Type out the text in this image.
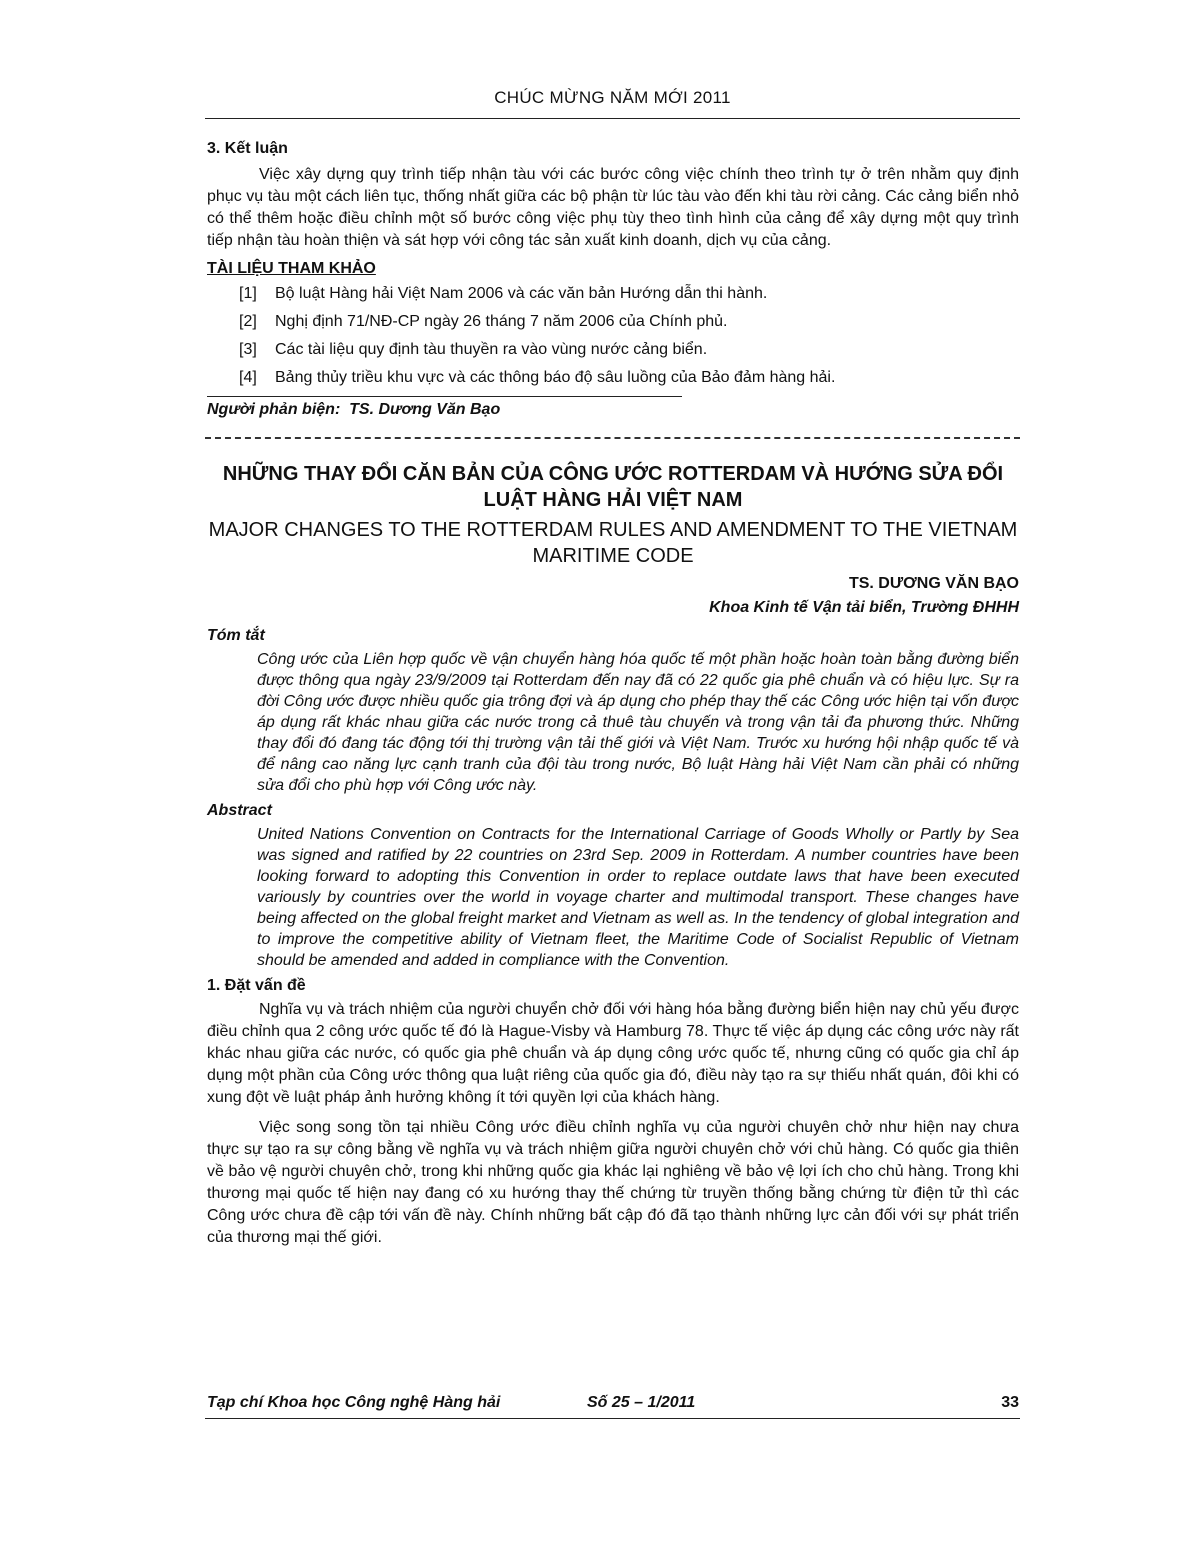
CHÚC MỪNG NĂM MỚI 2011
3. Kết luận

Việc xây dựng quy trình tiếp nhận tàu với các bước công việc chính theo trình tự ở trên nhằm quy định phục vụ tàu một cách liên tục, thống nhất giữa các bộ phận từ lúc tàu vào đến khi tàu rời cảng. Các cảng biển nhỏ có thể thêm hoặc điều chỉnh một số bước công việc phụ tùy theo tình hình của cảng để xây dựng một quy trình tiếp nhận tàu hoàn thiện và sát hợp với công tác sản xuất kinh doanh, dịch vụ của cảng.

TÀI LIỆU THAM KHẢO
[1] Bộ luật Hàng hải Việt Nam 2006 và các văn bản Hướng dẫn thi hành.
[2] Nghị định 71/NĐ-CP ngày 26 tháng 7 năm 2006 của Chính phủ.
[3] Các tài liệu quy định tàu thuyền ra vào vùng nước cảng biển.
[4] Bảng thủy triều khu vực và các thông báo độ sâu luồng của Bảo đảm hàng hải.
Người phản biện: TS. Dương Văn Bạo
NHỮNG THAY ĐỔI CĂN BẢN CỦA CÔNG ƯỚC ROTTERDAM VÀ HƯỚNG SỬA ĐỔI LUẬT HÀNG HẢI VIỆT NAM
MAJOR CHANGES TO THE ROTTERDAM RULES AND AMENDMENT TO THE VIETNAM MARITIME CODE
TS. DƯƠNG VĂN BẠO
Khoa Kinh tế Vận tải biển, Trường ĐHHH
Tóm tắt

Công ước của Liên hợp quốc về vận chuyển hàng hóa quốc tế một phần hoặc hoàn toàn bằng đường biển được thông qua ngày 23/9/2009 tại Rotterdam đến nay đã có 22 quốc gia phê chuẩn và có hiệu lực. Sự ra đời Công ước được nhiều quốc gia trông đợi và áp dụng cho phép thay thế các Công ước hiện tại vốn được áp dụng rất khác nhau giữa các nước trong cả thuê tàu chuyến và trong vận tải đa phương thức. Những thay đổi đó đang tác động tới thị trường vận tải thế giới và Việt Nam. Trước xu hướng hội nhập quốc tế và để nâng cao năng lực cạnh tranh của đội tàu trong nước, Bộ luật Hàng hải Việt Nam cần phải có những sửa đổi cho phù hợp với Công ước này.

Abstract

United Nations Convention on Contracts for the International Carriage of Goods Wholly or Partly by Sea was signed and ratified by 22 countries on 23rd Sep. 2009 in Rotterdam. A number countries have been looking forward to adopting this Convention in order to replace outdate laws that have been executed variously by countries over the world in voyage charter and multimodal transport. These changes have being affected on the global freight market and Vietnam as well as. In the tendency of global integration and to improve the competitive ability of Vietnam fleet, the Maritime Code of Socialist Republic of Vietnam should be amended and added in compliance with the Convention.

1. Đặt vấn đề

Nghĩa vụ và trách nhiệm của người chuyển chở đối với hàng hóa bằng đường biển hiện nay chủ yếu được điều chỉnh qua 2 công ước quốc tế đó là Hague-Visby và Hamburg 78. Thực tế việc áp dụng các công ước này rất khác nhau giữa các nước, có quốc gia phê chuẩn và áp dụng công ước quốc tế, nhưng cũng có quốc gia chỉ áp dụng một phần của Công ước thông qua luật riêng của quốc gia đó, điều này tạo ra sự thiếu nhất quán, đôi khi có xung đột về luật pháp ảnh hưởng không ít tới quyền lợi của khách hàng.

Việc song song tồn tại nhiều Công ước điều chỉnh nghĩa vụ của người chuyên chở như hiện nay chưa thực sự tạo ra sự công bằng về nghĩa vụ và trách nhiệm giữa người chuyên chở với chủ hàng. Có quốc gia thiên về bảo vệ người chuyên chở, trong khi những quốc gia khác lại nghiêng về bảo vệ lợi ích cho chủ hàng. Trong khi thương mại quốc tế hiện nay đang có xu hướng thay thế chứng từ truyền thống bằng chứng từ điện tử thì các Công ước chưa đề cập tới vấn đề này. Chính những bất cập đó đã tạo thành những lực cản đối với sự phát triển của thương mại thế giới.

Tạp chí Khoa học Công nghệ Hàng hải	Số 25 – 1/2011	33
